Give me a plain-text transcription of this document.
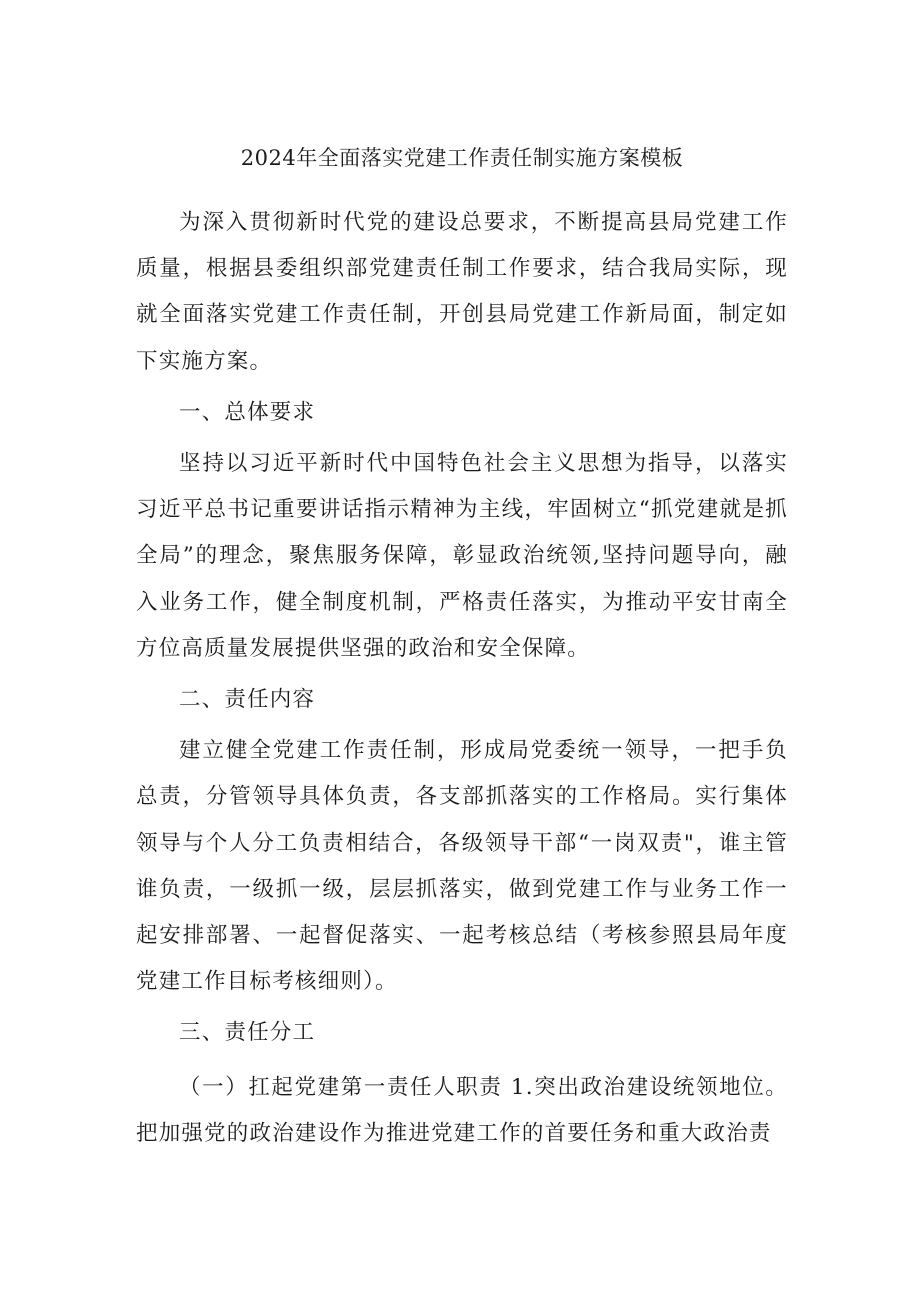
2024年全面落实党建工作责任制实施方案模板

为深入贯彻新时代党的建设总要求，不断提高县局党建工作质量，根据县委组织部党建责任制工作要求，结合我局实际，现就全面落实党建工作责任制，开创县局党建工作新局面，制定如下实施方案。

一、总体要求

坚持以习近平新时代中国特色社会主义思想为指导，以落实习近平总书记重要讲话指示精神为主线，牢固树立“抓党建就是抓全局”的理念，聚焦服务保障，彰显政治统领,坚持问题导向，融入业务工作，健全制度机制，严格责任落实，为推动平安甘南全方位高质量发展提供坚强的政治和安全保障。

二、责任内容

建立健全党建工作责任制，形成局党委统一领导，一把手负总责，分管领导具体负责，各支部抓落实的工作格局。实行集体领导与个人分工负责相结合，各级领导干部“一岗双责"，谁主管谁负责，一级抓一级，层层抓落实，做到党建工作与业务工作一起安排部署、一起督促落实、一起考核总结（考核参照县局年度党建工作目标考核细则）。

三、责任分工

（一）扛起党建第一责任人职责 1.突出政治建设统领地位。把加强党的政治建设作为推进党建工作的首要任务和重大政治责
